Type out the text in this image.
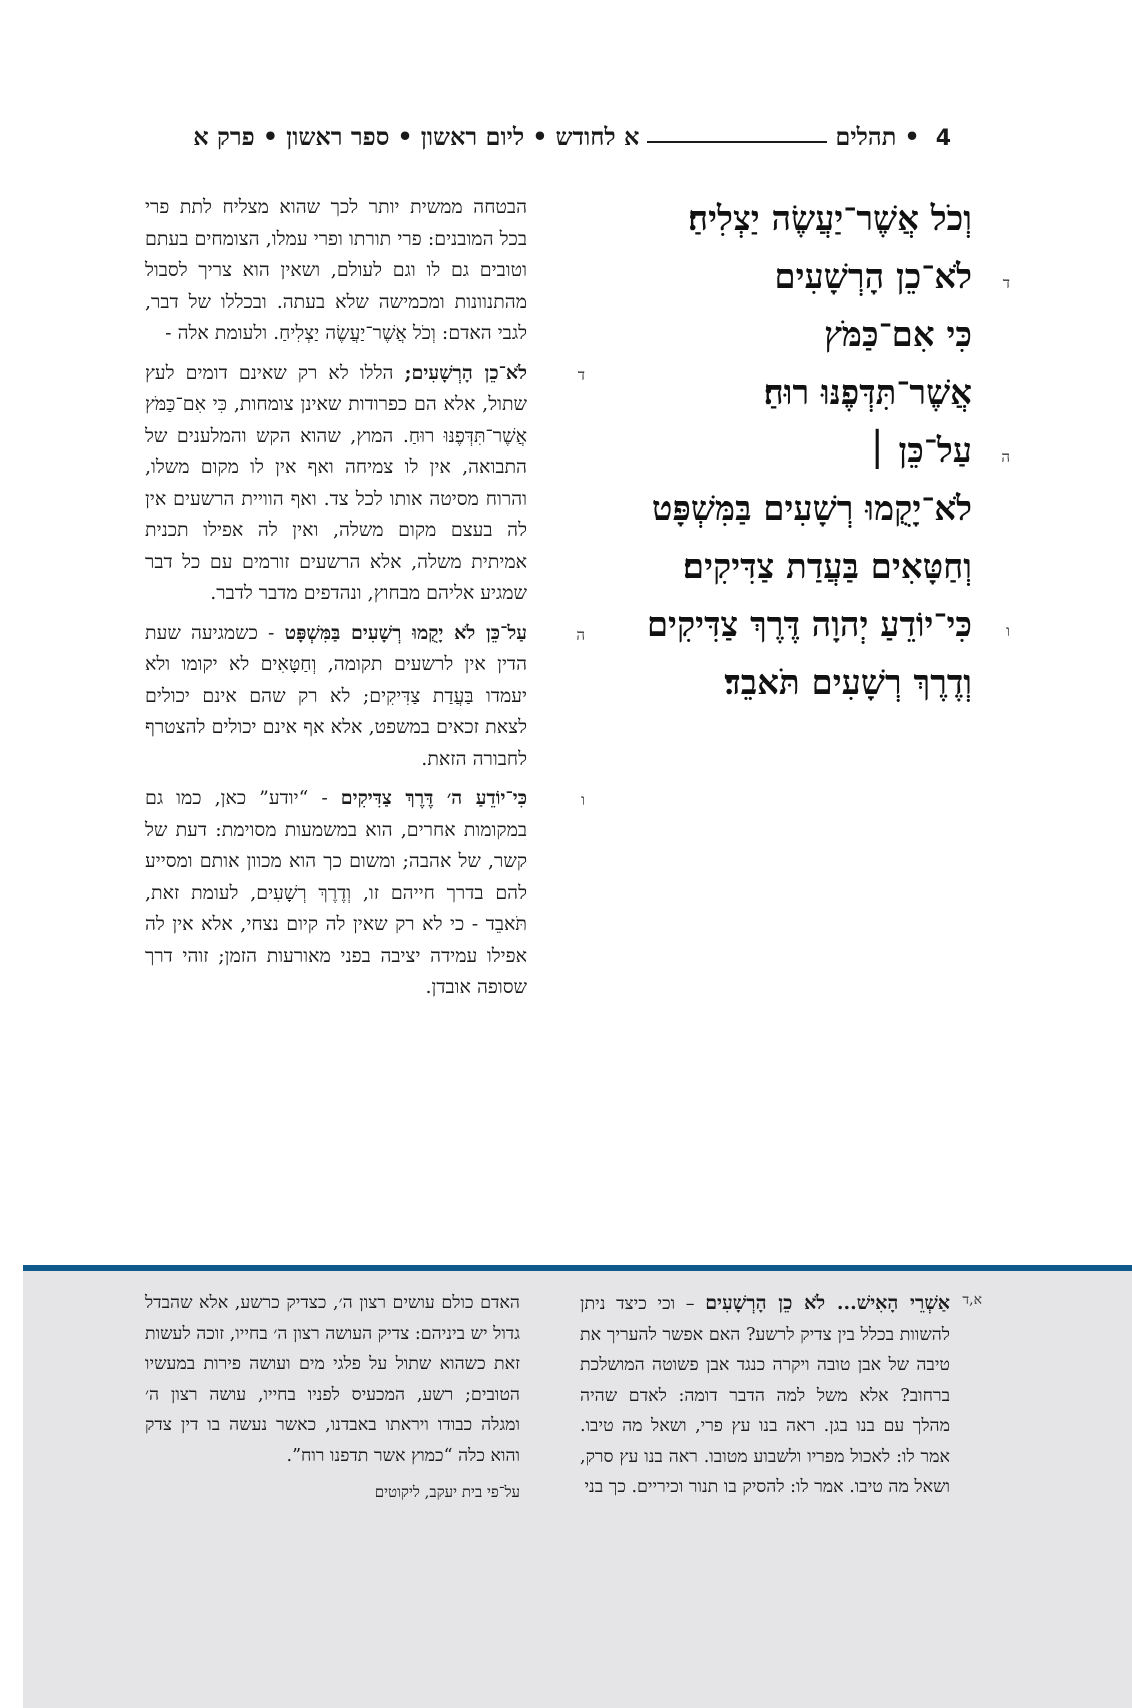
4
•
תהלים
א לחודש
•
ליום ראשון
•
ספר ראשון
•
פרק א
וְכֹל אֲשֶׁר־יַעֲשֶׂה יַצְלִיחַ׃
ד
לֹא־כֵן הָרְשָׁעִים
כִּי אִם־כַּמֹּץ
אֲשֶׁר־תִּדְּפֶנּוּ רוּחַ׃
ה
עַל־כֵּן ׀
לֹא־יָקֻמוּ רְשָׁעִים בַּמִּשְׁפָּט
וְחַטָּאִים בַּעֲדַת צַדִּיקִים׃
ו
כִּי־יוֹדֵעַ יְהוָה דֶּרֶךְ צַדִּיקִים
וְדֶרֶךְ רְשָׁעִים תֹּאבֵד׃

הבטחה ממשית יותר לכך שהוא מצליח לתת פרי בכל המובנים: פרי תורתו ופרי עמלו, הצומחים בעתם וטובים גם לו וגם לעולם, ושאין הוא צריך לסבול מהתנוונות ומכמישה שלא בעתה. ובכללו של דבר, לגבי האדם: וְכֹל אֲשֶׁר־יַעֲשֶׂה יַצְלִיחַ. ולעומת אלה -

ד
לֹא־כֵן הָרְשָׁעִים; הללו לא רק שאינם דומים לעץ שתול, אלא הם כפרודות שאינן צומחות, כִּי אִם־כַּמֹּץ אֲשֶׁר־תִּדְּפֶנּוּ רוּחַ. המוץ, שהוא הקש והמלענים של התבואה, אין לו צמיחה ואף אין לו מקום משלו, והרוח מסיטה אותו לכל צד. ואף הוויית הרשעים אין לה בעצם מקום משלה, ואין לה אפילו תכנית אמיתית משלה, אלא הרשעים זורמים עם כל דבר שמגיע אליהם מבחוץ, ונהדפים מדבר לדבר.

ה
עַל־כֵּן לֹא יָקֻמוּ רְשָׁעִים בַּמִּשְׁפָּט - כשמגיעה שעת הדין אין לרשעים תקומה, וְחַטָּאִים לא יקומו ולא יעמדו בַּעֲדַת צַדִּיקִים; לא רק שהם אינם יכולים לצאת זכאים במשפט, אלא אף אינם יכולים להצטרף לחבורה הזאת.

ו
כִּי־יוֹדֵעַ ה׳ דֶּרֶךְ צַדִּיקִים - “יודע” כאן, כמו גם במקומות אחרים, הוא במשמעות מסוימת: דעת של קשר, של אהבה; ומשום כך הוא מכוון אותם ומסייע להם בדרך חייהם זו, וְדֶרֶךְ רְשָׁעִים, לעומת זאת, תֹּאבֵד - כי לא רק שאין לה קיום נצחי, אלא אין לה אפילו עמידה יציבה בפני מאורעות הזמן; זוהי דרך שסופה אובדן.

א,ד
אַשְׁרֵי הָאִישׁ... לֹא כֵן הָרְשָׁעִים – וכי כיצד ניתן להשוות בכלל בין צדיק לרשע? האם אפשר להעריך את טיבה של אבן טובה ויקרה כנגד אבן פשוטה המושלכת ברחוב? אלא משל למה הדבר דומה: לאדם שהיה מהלך עם בנו בגן. ראה בנו עץ פרי, ושאל מה טיבו. אמר לו: לאכול מפריו ולשבוע מטובו. ראה בנו עץ סרק, ושאל מה טיבו. אמר לו: להסיק בו תנור וכיריים. כך בני
האדם כולם עושים רצון ה׳, כצדיק כרשע, אלא שהבדל גדול יש ביניהם: צדיק העושה רצון ה׳ בחייו, זוכה לעשות זאת כשהוא שתול על פלגי מים ועושה פירות במעשיו הטובים; רשע, המכעיס לפניו בחייו, עושה רצון ה׳ ומגלה כבודו ויראתו באבדנו, כאשר נעשה בו דין צדק והוא כלה “כמוץ אשר תדפנו רוח”.
על־פי בית יעקב, ליקוטים
